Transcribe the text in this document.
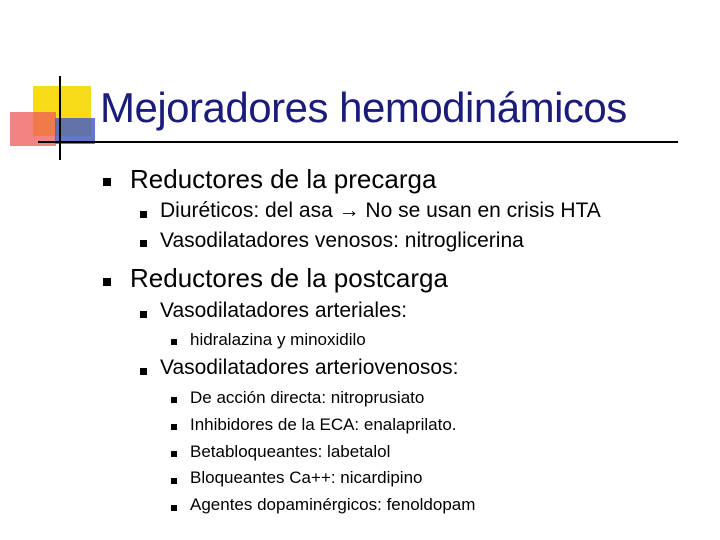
Mejoradores hemodinámicos
Reductores de la precarga
Diuréticos: del asa → No se usan en crisis HTA
Vasodilatadores venosos: nitroglicerina
Reductores de la postcarga
Vasodilatadores arteriales:
hidralazina y minoxidilo
Vasodilatadores arteriovenosos:
De acción directa: nitroprusiato
Inhibidores de la ECA: enalaprilato.
Betabloqueantes: labetalol
Bloqueantes Ca++: nicardipino
Agentes dopaminérgicos: fenoldopam
